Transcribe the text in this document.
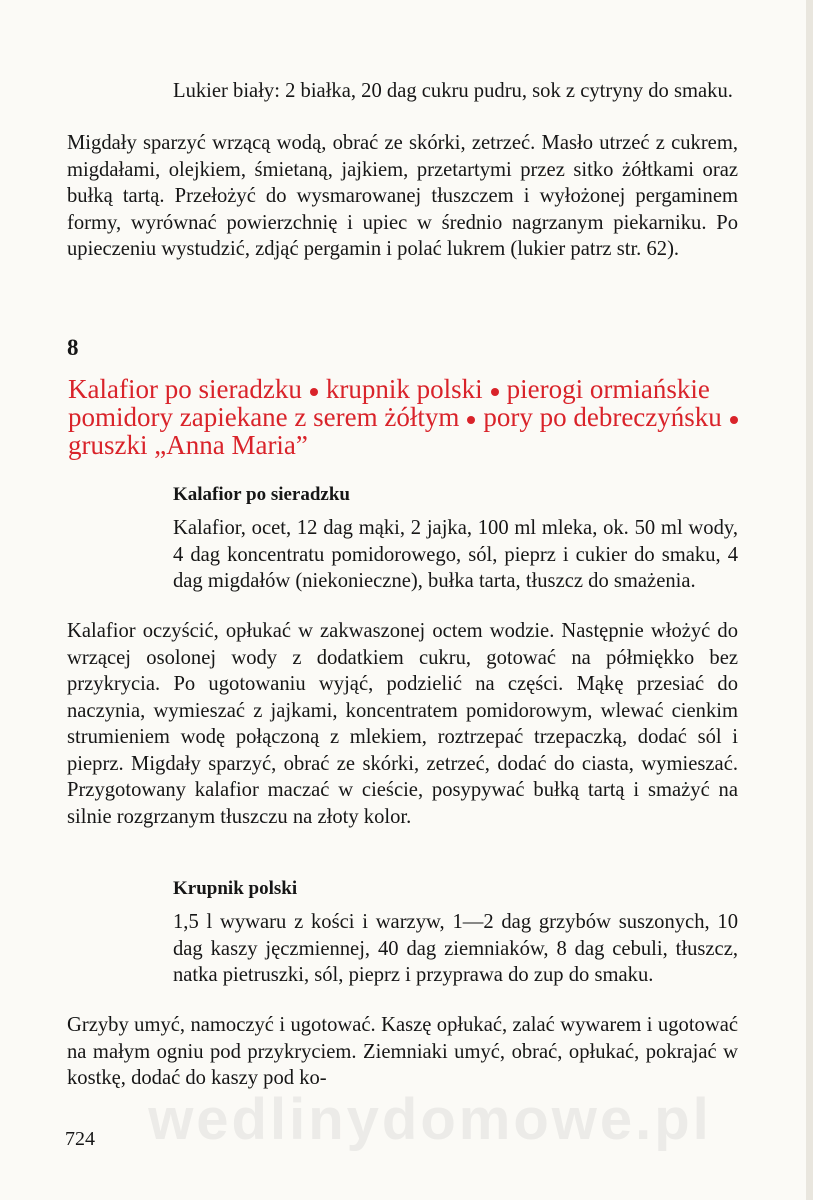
Lukier biały: 2 białka, 20 dag cukru pudru, sok z cytryny do smaku.

Migdały sparzyć wrzącą wodą, obrać ze skórki, zetrzeć. Masło utrzeć z cukrem, migdałami, olejkiem, śmietaną, jajkiem, przetartymi przez sitko żółtkami oraz bułką tartą. Przełożyć do wysmarowanej tłuszczem i wyłożonej pergaminem formy, wyrównać powierzchnię i upiec w średnio nagrzanym piekarniku. Po upieczeniu wystudzić, zdjąć pergamin i polać lukrem (lukier patrz str. 62).

8

Kalafior po sieradzku krupnik polski pierogi ormiańskie

pomidory zapiekane z serem żółtym pory po debreczyńsku

gruszki „Anna Maria”

Kalafior po sieradzku

Kalafior, ocet, 12 dag mąki, 2 jajka, 100 ml mleka, ok. 50 ml wody, 4 dag koncentratu pomidorowego, sól, pieprz i cukier do smaku, 4 dag migdałów (niekonieczne), bułka tarta, tłuszcz do smażenia.

Kalafior oczyścić, opłukać w zakwaszonej octem wodzie. Następnie włożyć do wrzącej osolonej wody z dodatkiem cukru, gotować na półmiękko bez przykrycia. Po ugotowaniu wyjąć, podzielić na części. Mąkę przesiać do naczynia, wymieszać z jajkami, koncentratem pomidorowym, wlewać cienkim strumieniem wodę połączoną z mlekiem, roztrzepać trzepaczką, dodać sól i pieprz. Migdały sparzyć, obrać ze skórki, zetrzeć, dodać do ciasta, wymieszać. Przygotowany kalafior maczać w cieście, posypywać bułką tartą i smażyć na silnie rozgrzanym tłuszczu na złoty kolor.

Krupnik polski

1,5 l wywaru z kości i warzyw, 1—2 dag grzybów suszonych, 10 dag kaszy jęczmiennej, 40 dag ziemniaków, 8 dag cebuli, tłuszcz, natka pietruszki, sól, pieprz i przyprawa do zup do smaku.

Grzyby umyć, namoczyć i ugotować. Kaszę opłukać, zalać wywarem i ugotować na małym ogniu pod przykryciem. Ziemniaki umyć, obrać, opłukać, pokrajać w kostkę, dodać do kaszy pod ko-

wedlinydomowe.pl

724
